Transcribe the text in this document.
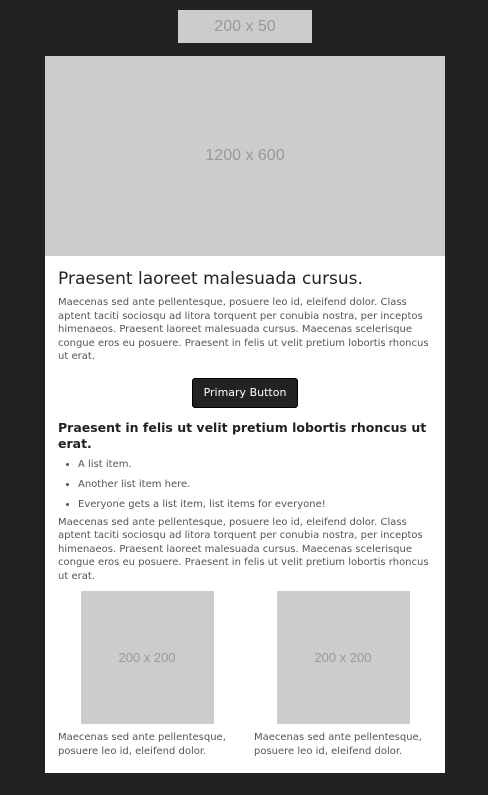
200 x 50
1200 x 600
Praesent laoreet malesuada cursus.

Maecenas sed ante pellentesque, posuere leo id, eleifend dolor. Class aptent taciti sociosqu ad litora torquent per conubia nostra, per inceptos himenaeos. Praesent laoreet malesuada cursus. Maecenas scelerisque congue eros eu posuere. Praesent in felis ut velit pretium lobortis rhoncus ut erat.

Primary Button
Praesent in felis ut velit pretium lobortis rhoncus ut erat.
• A list item.
• Another list item here.
• Everyone gets a list item, list items for everyone!

Maecenas sed ante pellentesque, posuere leo id, eleifend dolor. Class aptent taciti sociosqu ad litora torquent per conubia nostra, per inceptos himenaeos. Praesent laoreet malesuada cursus. Maecenas scelerisque congue eros eu posuere. Praesent in felis ut velit pretium lobortis rhoncus ut erat.

200 x 200
Maecenas sed ante pellentesque, posuere leo id, eleifend dolor.
200 x 200
Maecenas sed ante pellentesque, posuere leo id, eleifend dolor.
